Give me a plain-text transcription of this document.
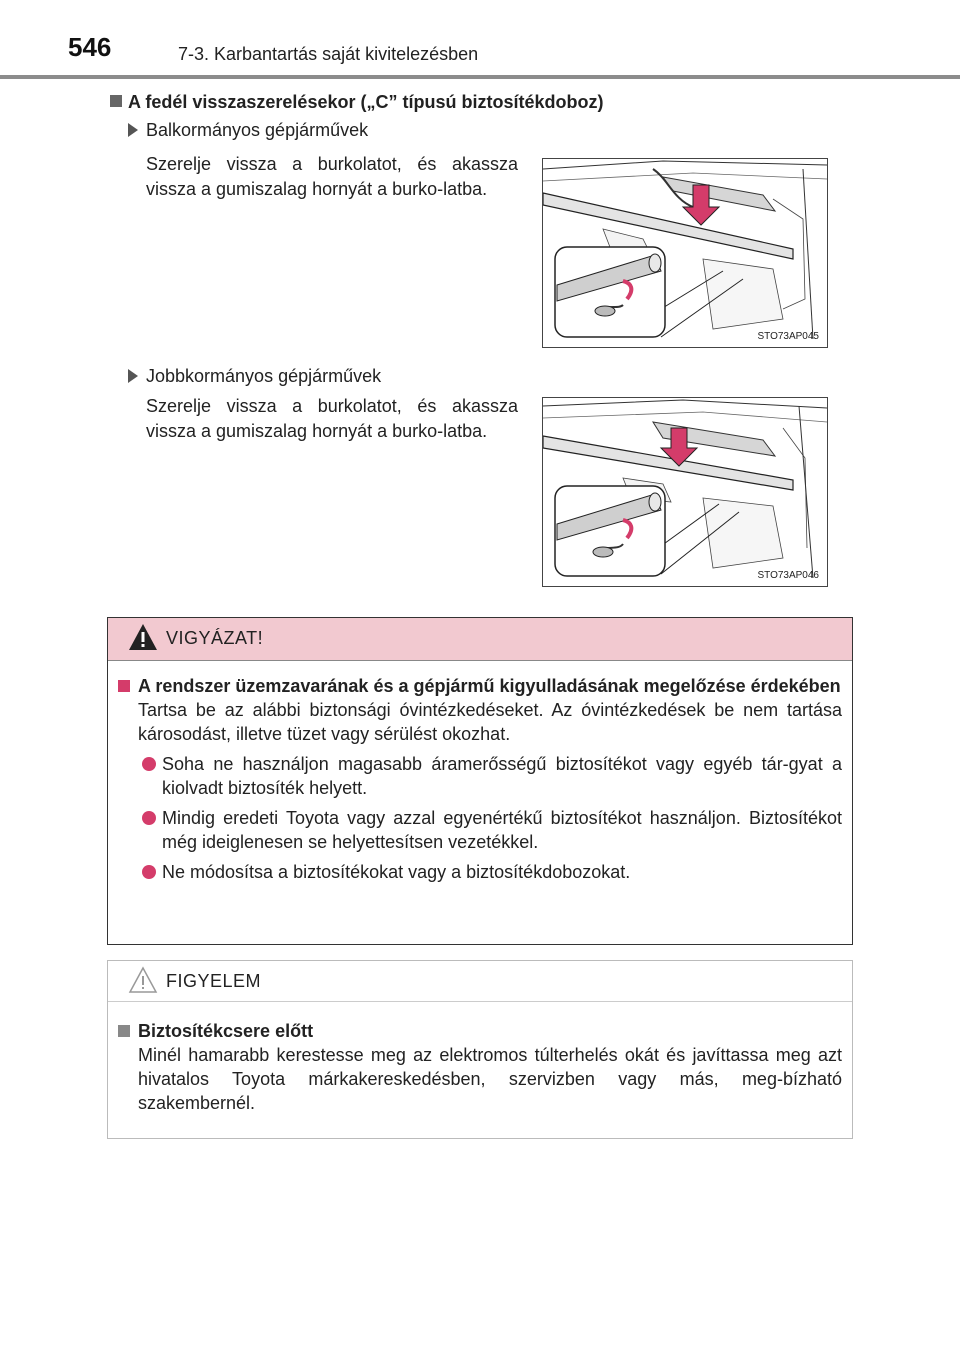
546	7-3. Karbantartás saját kivitelezésben
A fedél visszaszerelésekor („C” típusú biztosítékdoboz)
Balkormányos gépjárművek
Szerelje vissza a burkolatot, és akassza vissza a gumiszalag hornyát a burko-latba.
STO73AP045
Jobbkormányos gépjárművek
Szerelje vissza a burkolatot, és akassza vissza a gumiszalag hornyát a burko-latba.
STO73AP046
VIGYÁZAT!
A rendszer üzemzavarának és a gépjármű kigyulladásának megelőzése érdekében
Tartsa be az alábbi biztonsági óvintézkedéseket. Az óvintézkedések be nem tartása károsodást, illetve tüzet vagy sérülést okozhat.
Soha ne használjon magasabb áramerősségű biztosítékot vagy egyéb tár-gyat a kiolvadt biztosíték helyett.
Mindig eredeti Toyota vagy azzal egyenértékű biztosítékot használjon. Biztosítékot még ideiglenesen se helyettesítsen vezetékkel.
Ne módosítsa a biztosítékokat vagy a biztosítékdobozokat.
FIGYELEM
Biztosítékcsere előtt
Minél hamarabb kerestesse meg az elektromos túlterhelés okát és javíttassa meg azt hivatalos Toyota márkakereskedésben, szervizben vagy más, meg-bízható szakembernél.
